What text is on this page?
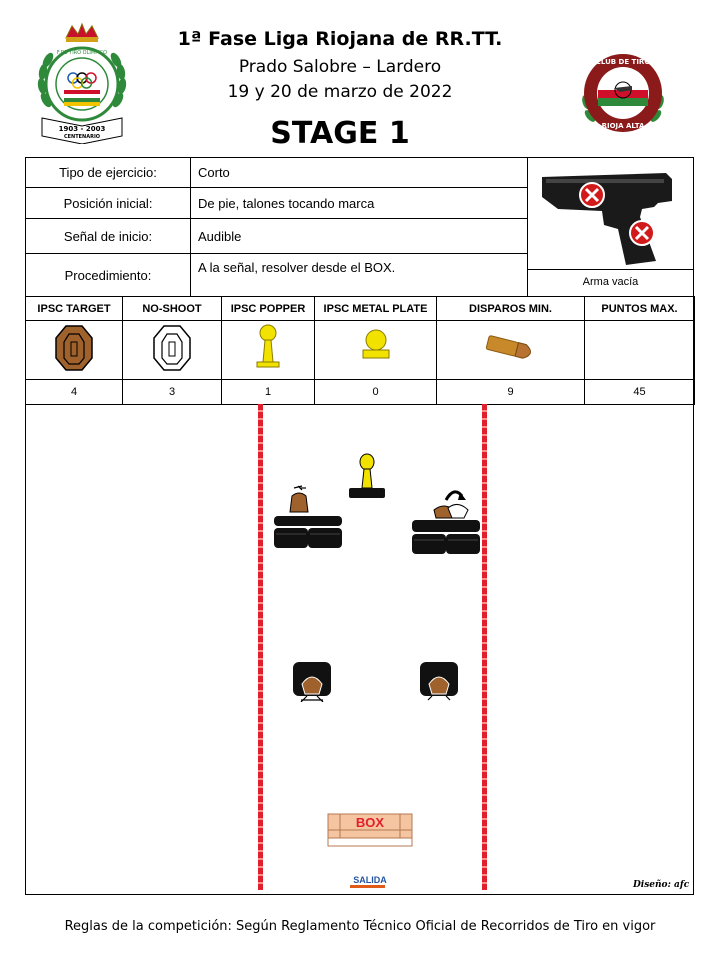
1ª Fase Liga Riojana de RR.TT.
Prado Salobre – Lardero
19 y 20 de marzo de 2022
STAGE 1
F.DE TIRO OLIMPICO
1903 - 2003
CENTENARIO
CLUB DE TIRO
RIOJA ALTA
Tipo de ejercicio:	Corto
Posición inicial:	De pie, talones tocando marca
Señal de inicio:	Audible
Procedimiento:	A la señal, resolver desde el BOX.
Arma vacía
IPSC TARGET	NO-SHOOT	IPSC POPPER	IPSC METAL PLATE	DISPAROS MIN.	PUNTOS MAX.

4	3	1	0	9	45
BOX
SALIDA	Diseño: afc
Reglas de la competición: Según Reglamento Técnico Oficial de Recorridos de Tiro en vigor
